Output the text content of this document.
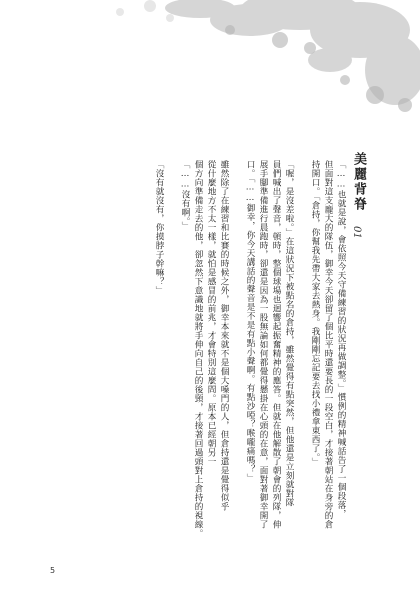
美麗背脊
01
「……也就是說，會依照今天守備練習的狀況再做調整。」慣例的精神喊話告了一個段落，
但面對這支龐大的隊伍，御幸今天卻留了個比平時還要長的一段空白，才接著朝站在身旁的倉
持開口。「倉持，你幫我先帶大家去熱身。我剛剛忘記要去找小禮拿東西了。」
「喔，是沒差啦。」在這狀況下被點名的倉持，雖然覺得有點突然，但他還是立刻就對隊
員們喊出了聲音，頓時，整個球場也迴響起振奮精神的應答。但就在他解散了朝會的列隊，伸
展手腳準備進行晨跑時，卻還是因為一股無論如何都覺得懸掛在心頭的在意，面對著御幸開了
口。「……御幸，你今天講話的聲音是不是有點小聲啊。有點沙啞？喉嚨痛嗎？」
雖然除了在練習和比賽的時候之外，御幸本來就不是個大嗓門的人，但倉持還是覺得似乎
從什麼地方不太一樣，就怕是感冒的前兆，才會特別這麼問。原本已經朝另一
個方向準備走去的他，卻忽然下意識地就將手伸向自己的後頸，才接著回過頭對上倉持的視線。
「……沒有啊。」
「沒有就沒有，你摸脖子幹嘛？」
5
